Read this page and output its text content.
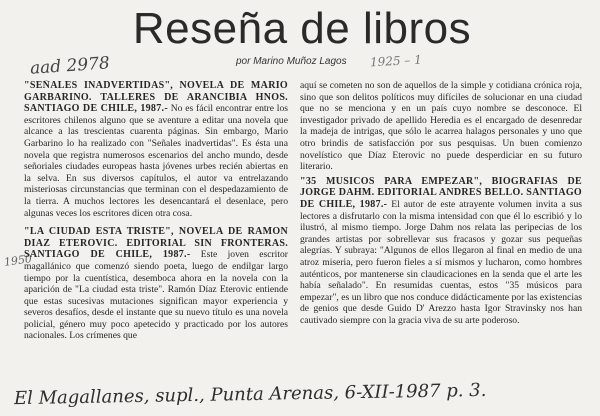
Reseña de libros
por Marino Muñoz Lagos
aad 2978	1925 – 1
1950

"SEÑALES INADVERTIDAS", NOVELA DE MARIO GARBARINO. TALLERES DE ARANCIBIA HNOS. SANTIAGO DE CHILE, 1987.- No es fácil encontrar entre los escritores chilenos alguno que se aventure a editar una novela que alcance a las trescientas cuarenta páginas. Sin embargo, Mario Garbarino lo ha realizado con "Señales inadvertidas". Es ésta una novela que registra numerosos escenarios del ancho mundo, desde señoriales ciudades europeas hasta jóvenes urbes recién abiertas en la selva. En sus diversos capítulos, el autor va entrelazando misteriosas circunstancias que terminan con el despedazamiento de la tierra. A muchos lectores les desencantará el desenlace, pero algunas veces los escritores dicen otra cosa.

"LA CIUDAD ESTA TRISTE", NOVELA DE RAMON DIAZ ETEROVIC. EDITORIAL SIN FRONTERAS. SANTIAGO DE CHILE, 1987.- Este joven escritor magallánico que comenzó siendo poeta, luego de endilgar largo tiempo por la cuentística, desemboca ahora en la novela con la aparición de "La ciudad esta triste". Ramón Díaz Eterovic entiende que estas sucesivas mutaciones significan mayor experiencia y severos desafíos, desde el instante que su nuevo título es una novela policial, género muy poco apetecido y practicado por los autores nacionales. Los crímenes que

aquí se cometen no son de aquellos de la simple y cotidiana crónica roja, sino que son delitos políticos muy difíciles de solucionar en una ciudad que no se menciona y en un país cuyo nombre se desconoce. El investigador privado de apellido Heredia es el encargado de desenredar la madeja de intrigas, que sólo le acarrea halagos personales y uno que otro brindis de satisfacción por sus pesquisas. Un buen comienzo novelístico que Díaz Eterovic no puede desperdiciar en su futuro literario.

"35 MUSICOS PARA EMPEZAR", BIOGRAFIAS DE JORGE DAHM. EDITORIAL ANDRES BELLO. SANTIAGO DE CHILE, 1987.- El autor de este atrayente volumen invita a sus lectores a disfrutarlo con la misma intensidad con que él lo escribió y lo ilustró, al mismo tiempo. Jorge Dahm nos relata las peripecias de los grandes artistas por sobrellevar sus fracasos y gozar sus pequeñas alegrías. Y subraya: "Algunos de ellos llegaron al final en medio de una atroz miseria, pero fueron fieles a sí mismos y lucharon, como hombres auténticos, por mantenerse sin claudicaciones en la senda que el arte les había señalado". En resumidas cuentas, estos "35 músicos para empezar", es un libro que nos conduce didácticamente por las existencias de genios que desde Guido D' Arezzo hasta Igor Stravinsky nos han cautivado siempre con la gracia viva de su arte poderoso.

El Magallanes, supl., Punta Arenas, 6-XII-1987 p. 3.
